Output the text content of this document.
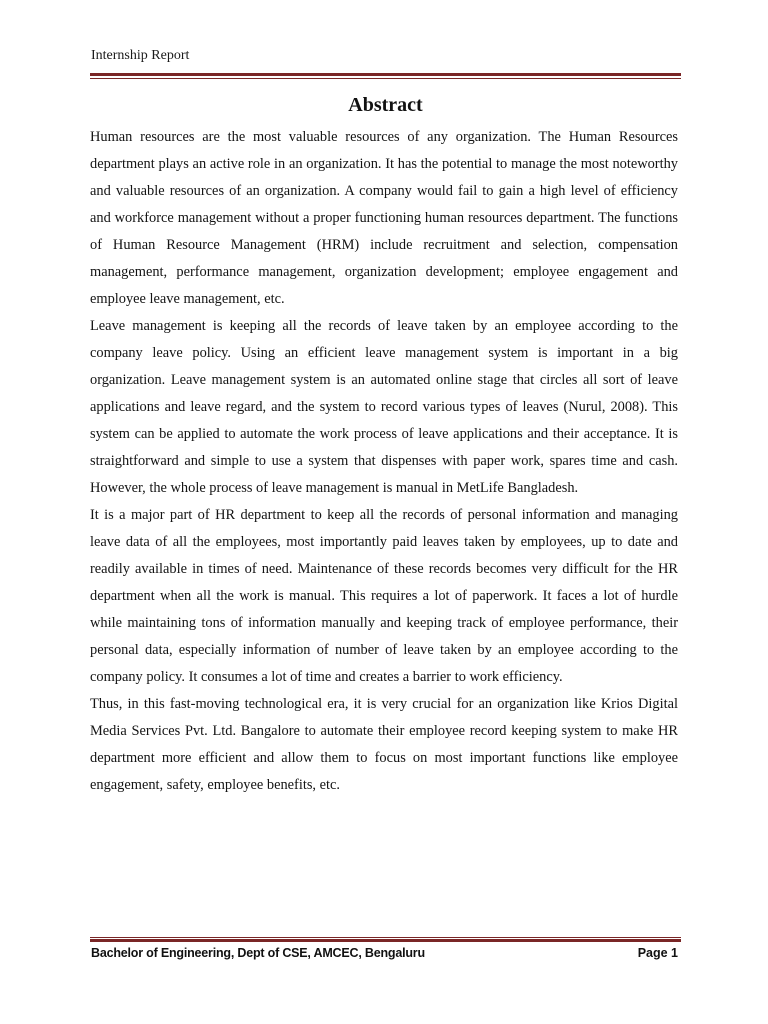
Internship Report
Abstract

Human resources are the most valuable resources of any organization. The Human Resources department plays an active role in an organization. It has the potential to manage the most noteworthy and valuable resources of an organization. A company would fail to gain a high level of efficiency and workforce management without a proper functioning human resources department. The functions of Human Resource Management (HRM) include recruitment and selection, compensation management, performance management, organization development; employee engagement and employee leave management, etc.

Leave management is keeping all the records of leave taken by an employee according to the company leave policy. Using an efficient leave management system is important in a big organization. Leave management system is an automated online stage that circles all sort of leave applications and leave regard, and the system to record various types of leaves (Nurul, 2008). This system can be applied to automate the work process of leave applications and their acceptance. It is straightforward and simple to use a system that dispenses with paper work, spares time and cash. However, the whole process of leave management is manual in MetLife Bangladesh.

It is a major part of HR department to keep all the records of personal information and managing leave data of all the employees, most importantly paid leaves taken by employees, up to date and readily available in times of need. Maintenance of these records becomes very difficult for the HR department when all the work is manual. This requires a lot of paperwork. It faces a lot of hurdle while maintaining tons of information manually and keeping track of employee performance, their personal data, especially information of number of leave taken by an employee according to the company policy. It consumes a lot of time and creates a barrier to work efficiency.

Thus, in this fast-moving technological era, it is very crucial for an organization like Krios Digital Media Services Pvt. Ltd. Bangalore to automate their employee record keeping system to make HR department more efficient and allow them to focus on most important functions like employee engagement, safety, employee benefits, etc.

Bachelor of Engineering, Dept of CSE, AMCEC, Bengaluru	Page 1
